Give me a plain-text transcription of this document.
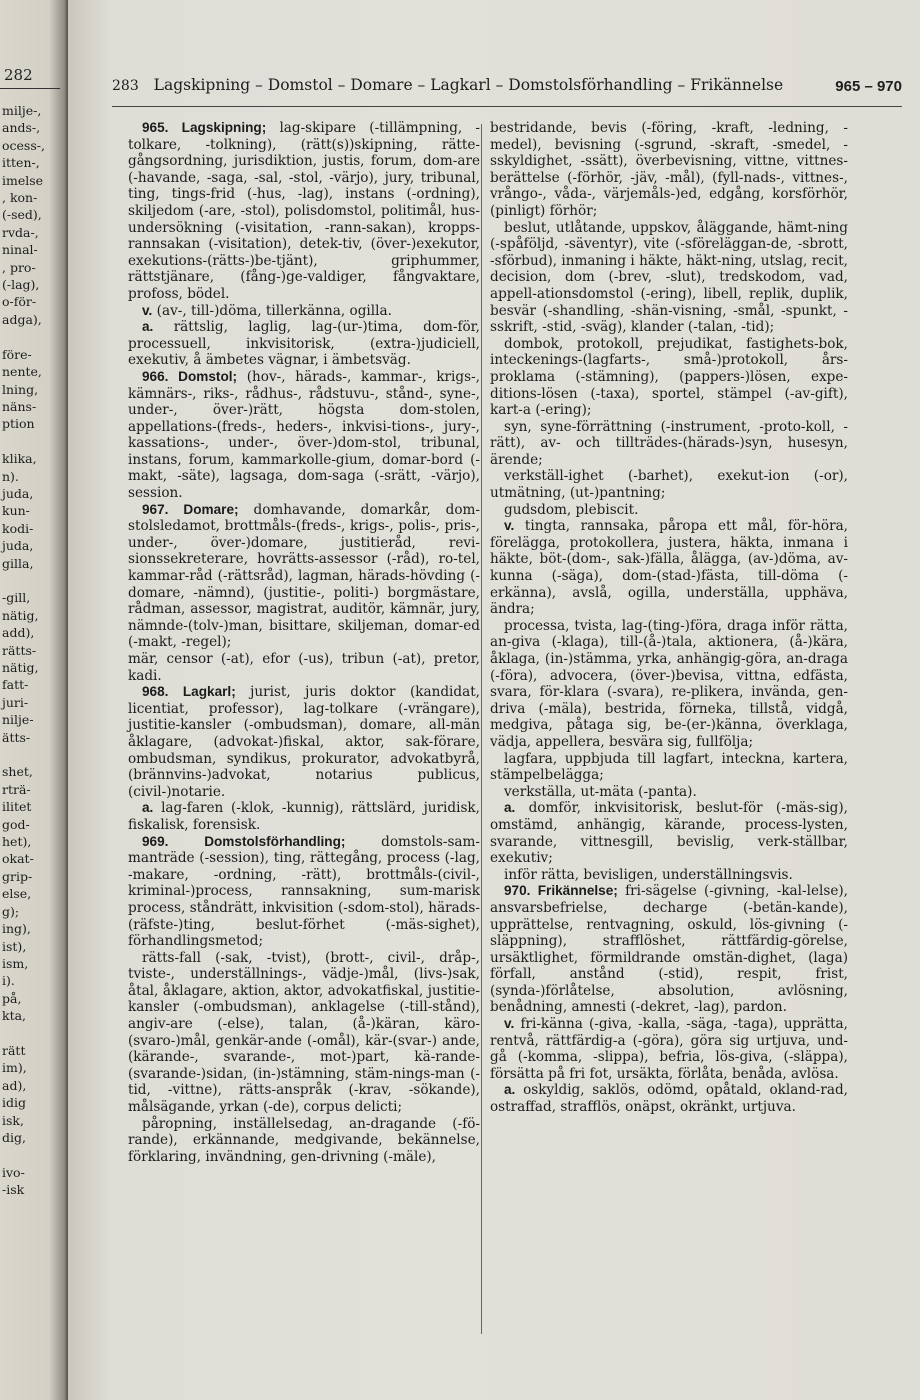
282
milje-,
ands-,
ocess-,
itten-,
imelse
, kon-
(-sed),
rvda-,
ninal-
, pro-
(-lag),
o-för-
adga),

före-
nente,
lning,
näns-
ption

klika,
n).
juda,
kun-
kodi-
juda,
gilla,

-gill,
nätig,
add),
rätts-
nätig,
fatt-
juri-
nilje-
ätts-

shet,
rträ-
ilitet
god-
het),
okat-
grip-
else,
g);
ing),
ist),
ism,
i).
på,
kta,

rätt
im),
ad),
idig
isk,
dig,

ivo-
-isk
283 Lagskipning – Domstol – Domare – Lagkarl – Domstolsförhandling – Frikännelse	965 – 970

965. Lagskipning; lag-skipare (-tillämpning, -tolkare, -tolkning), (rätt(s))skipning, rätte-gångsordning, jurisdiktion, justis, forum, dom-are (-havande, -saga, -sal, -stol, -värjo), jury, tribunal, ting, tings-frid (-hus, -lag), instans (-ordning), skiljedom (-are, -stol), polisdomstol, politimål, hus-undersökning (-visitation, -rann-sakan), kropps-rannsakan (-visitation), detek-tiv, (över-)exekutor, exekutions-(rätts-)be-tjänt), griphummer, rättstjänare, (fång-)ge-valdiger, fångvaktare, profoss, bödel.

v. (av-, till-)döma, tillerkänna, ogilla.

a. rättslig, laglig, lag-(ur-)tima, dom-för, processuell, inkvisitorisk, (extra-)judiciell, exekutiv, å ämbetes vägnar, i ämbetsväg.

966. Domstol; (hov-, härads-, kammar-, krigs-, kämnärs-, riks-, rådhus-, rådstuvu-, stånd-, syne-, under-, över-)rätt, högsta dom-stolen, appellations-(freds-, heders-, inkvisi-tions-, jury-, kassations-, under-, över-)dom-stol, tribunal, instans, forum, kammarkolle-gium, domar-bord (-makt, -säte), lagsaga, dom-saga (-srätt, -värjo), session.

967. Domare; domhavande, domarkår, dom-stolsledamot, brottmåls-(freds-, krigs-, polis-, pris-, under-, över-)domare, justitieråd, revi-sionssekreterare, hovrätts-assessor (-råd), ro-tel, kammar-råd (-rättsråd), lagman, härads-hövding (-domare, -nämnd), (justitie-, politi-) borgmästare, rådman, assessor, magistrat, auditör, kämnär, jury, nämnde-(tolv-)man, bisittare, skiljeman, domar-ed (-makt, -regel);

mär, censor (-at), efor (-us), tribun (-at), pretor, kadi.

968. Lagkarl; jurist, juris doktor (kandidat, licentiat, professor), lag-tolkare (-vrängare), justitie-kansler (-ombudsman), domare, all-män åklagare, (advokat-)fiskal, aktor, sak-förare, ombudsman, syndikus, prokurator, advokatbyrå, (brännvins-)advokat, notarius publicus, (civil-)notarie.

a. lag-faren (-klok, -kunnig), rättslärd, juridisk, fiskalisk, forensisk.

969.	Domstolsförhandling;	domstols-sam-manträde (-session), ting, rättegång, process (-lag, -makare, -ordning, -rätt), brottmåls-(civil-, kriminal-)process, rannsakning, sum-marisk process, ståndrätt, inkvisition (-sdom-stol), härads-(räfste-)ting, beslut-förhet (-mäs-sighet), förhandlingsmetod;

rätts-fall (-sak, -tvist), (brott-, civil-, dråp-, tviste-, underställnings-, vädje-)mål, (livs-)sak, åtal, åklagare, aktion, aktor, advokatfiskal, justitie-kansler (-ombudsman), anklagelse (-till-stånd), angiv-are (-else), talan, (å-)käran, käro-(svaro-)mål, genkär-ande (-omål), kär-(svar-) ande, (kärande-, svarande-, mot-)part, kä-rande-(svarande-)sidan, (in-)stämning, stäm-nings-man (-tid, -vittne), rätts-anspråk (-krav, -sökande), målsägande, yrkan (-de), corpus delicti;

påropning, inställelsedag, an-dragande (-fö-rande), erkännande, medgivande, bekännelse, förklaring, invändning, gen-drivning (-mäle),

bestridande, bevis (-föring, -kraft, -ledning, -medel), bevisning (-sgrund, -skraft, -smedel, -sskyldighet, -ssätt), överbevisning, vittne, vittnes-berättelse (-förhör, -jäv, -mål), (fyll-nads-, vittnes-, vrångo-, våda-, värjemåls-)ed, edgång, korsförhör, (pinligt) förhör;

beslut, utlåtande, uppskov, åläggande, hämt-ning (-spåföljd, -säventyr), vite (-sföreläggan-de, -sbrott, -sförbud), inmaning i häkte, häkt-ning, utslag, recit, decision, dom (-brev, -slut), tredskodom, vad, appell-ationsdomstol (-ering), libell, replik, duplik, besvär (-shandling, -shän-visning, -smål, -spunkt, -sskrift, -stid, -sväg), klander (-talan, -tid);

dombok, protokoll, prejudikat, fastighets-bok, inteckenings-(lagfarts-, små-)protokoll, års-proklama (-stämning), (pappers-)lösen, expe-ditions-lösen (-taxa), sportel, stämpel (-av-gift), kart-a (-ering);

syn, syne-förrättning (-instrument, -proto-koll, -rätt), av- och tillträdes-(härads-)syn, husesyn, ärende;

verkställ-ighet (-barhet), exekut-ion (-or), utmätning, (ut-)pantning;

gudsdom, plebiscit.

v. tingta, rannsaka, påropa ett mål, för-höra, förelägga, protokollera, justera, häkta, inmana i häkte, böt-(dom-, sak-)fälla, ålägga, (av-)döma, av-kunna (-säga), dom-(stad-)fästa, till-döma (-erkänna), avslå, ogilla, underställa, upphäva, ändra;

processa, tvista, lag-(ting-)föra, draga inför rätta, an-giva (-klaga), till-(å-)tala, aktionera, (å-)kära, åklaga, (in-)stämma, yrka, anhängig-göra, an-draga (-föra), advocera, (över-)bevisa, vittna, edfästa, svara, för-klara (-svara), re-plikera, invända, gen-driva (-mäla), bestrida, förneka, tillstå, vidgå, medgiva, påtaga sig, be-(er-)känna, överklaga, vädja, appellera, besvära sig, fullfölja;

lagfara, uppbjuda till lagfart, inteckna, kartera, stämpelbelägga;

verkställa, ut-mäta (-panta).

a. domför, inkvisitorisk, beslut-för (-mäs-sig), omstämd, anhängig, kärande, process-lysten, svarande, vittnesgill, bevislig, verk-ställbar, exekutiv;

inför rätta, bevisligen, underställningsvis.

970. Frikännelse; fri-sägelse (-givning, -kal-lelse), ansvarsbefrielse, decharge (-betän-kande), upprättelse, rentvagning, oskuld, lös-givning (-släppning), strafflöshet, rättfärdig-görelse, ursäktlighet, förmildrande omstän-dighet, (laga) förfall, anstånd (-stid), respit, frist, (synda-)förlåtelse, absolution, avlösning, benådning, amnesti (-dekret, -lag), pardon.

v. fri-känna (-giva, -kalla, -säga, -taga), upprätta, rentvå, rättfärdig-a (-göra), göra sig urtjuva, und-gå (-komma, -slippa), befria, lös-giva, (-släppa), försätta på fri fot, ursäkta, förlåta, benåda, avlösa.

a. oskyldig, saklös, odömd, opåtald, okland-rad, ostraffad, strafflös, onäpst, okränkt, urtjuva.
